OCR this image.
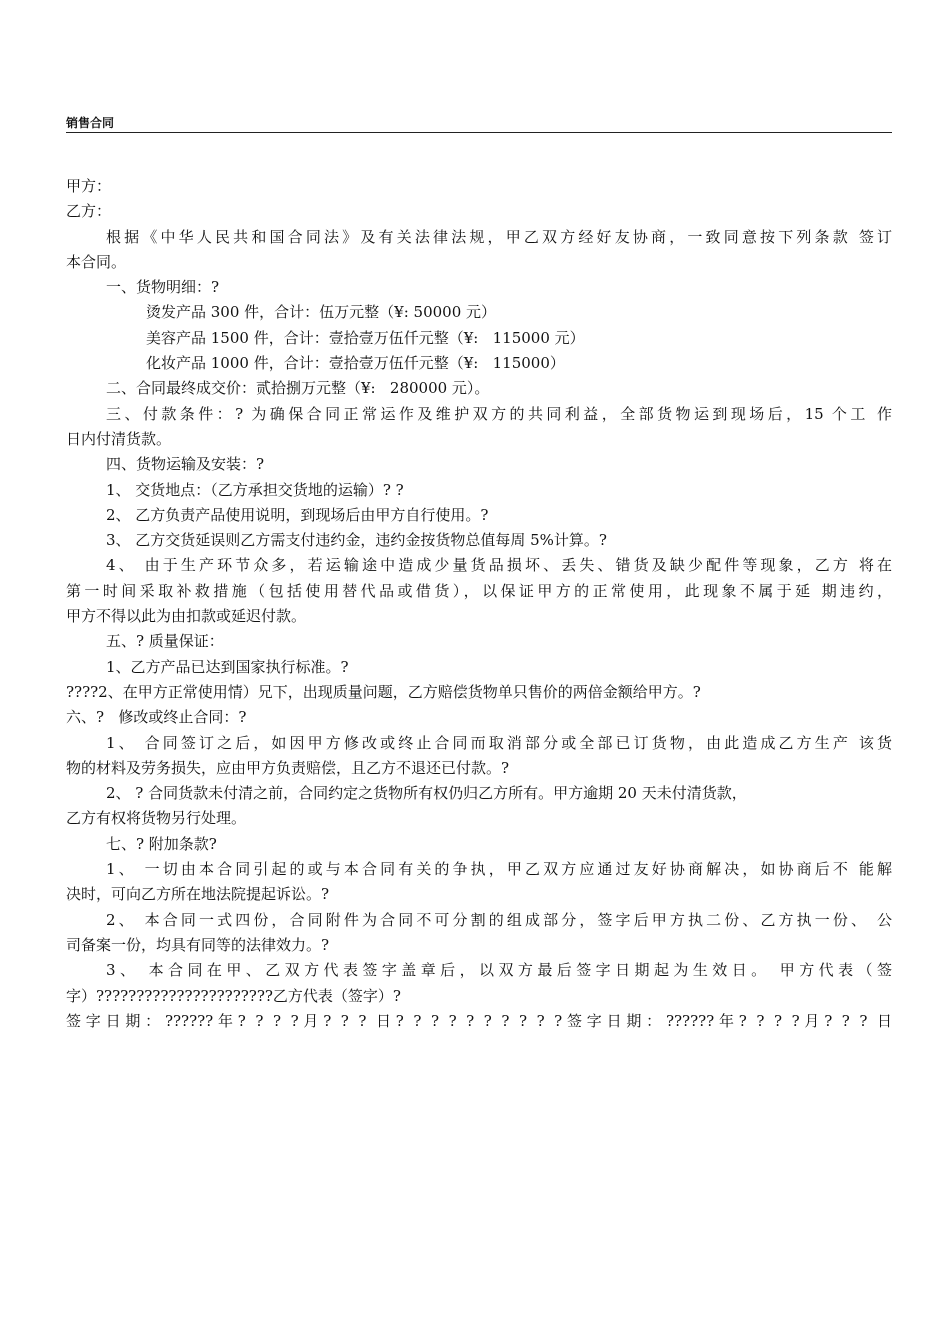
销售合同
甲方：
乙方：
根据《中华人民共和国合同法》及有关法律法规，甲乙双方经好友协商，一致同意按下列条款 签订
本合同。
一、货物明细：?
烫发产品 300 件，合计：伍万元整（¥: 50000 元）
美容产品 1500 件，合计：壹拾壹万伍仟元整（¥:   115000 元）
化妆产品 1000 件，合计：壹拾壹万伍仟元整（¥:   115000）
二、合同最终成交价：贰拾捌万元整（¥:   280000 元）。
三、付款条件：? 为确保合同正常运作及维护双方的共同利益，全部货物运到现场后，15 个工 作
日内付清货款。
四、货物运输及安装：?
1、 交货地点：（乙方承担交货地的运输）? ?
2、 乙方负责产品使用说明，到现场后由甲方自行使用。?
3、 乙方交货延误则乙方需支付违约金，违约金按货物总值每周 5%计算。?
4、 由于生产环节众多，若运输途中造成少量货品损坏、丢失、错货及缺少配件等现象，乙方 将在
第一时间采取补救措施（包括使用替代品或借货），以保证甲方的正常使用，此现象不属于延 期违约，
甲方不得以此为由扣款或延迟付款。
五、? 质量保证：
1、乙方产品已达到国家执行标准。?
????2、在甲方正常使用情）兄下，出现质量问题，乙方赔偿货物单只售价的两倍金额给甲方。?
六、?   修改或终止合同：?
1、 合同签订之后，如因甲方修改或终止合同而取消部分或全部已订货物，由此造成乙方生产 该货
物的材料及劳务损失，应由甲方负责赔偿，且乙方不退还已付款。?
2、 ? 合同货款未付清之前，合同约定之货物所有权仍归乙方所有。甲方逾期 20 天未付清货款，
乙方有权将货物另行处理。
七、? 附加条款?
1、 一切由本合同引起的或与本合同有关的争执，甲乙双方应通过友好协商解决，如协商后不 能解
决时，可向乙方所在地法院提起诉讼。?
2、 本合同一式四份，合同附件为合同不可分割的组成部分，签字后甲方执二份、乙方执一份、 公
司备案一份，均具有同等的法律效力。?
3、 本合同在甲、乙双方代表签字盖章后，以双方最后签字日期起为生效日。 甲方代表（签
字）??????????????????????乙方代表（签字）?
签字日期：??????年? ? ? ?月? ? ? 日? ? ? ? ? ? ? ? ? ?签字日期：??????年? ? ? ?月? ? ? 日
